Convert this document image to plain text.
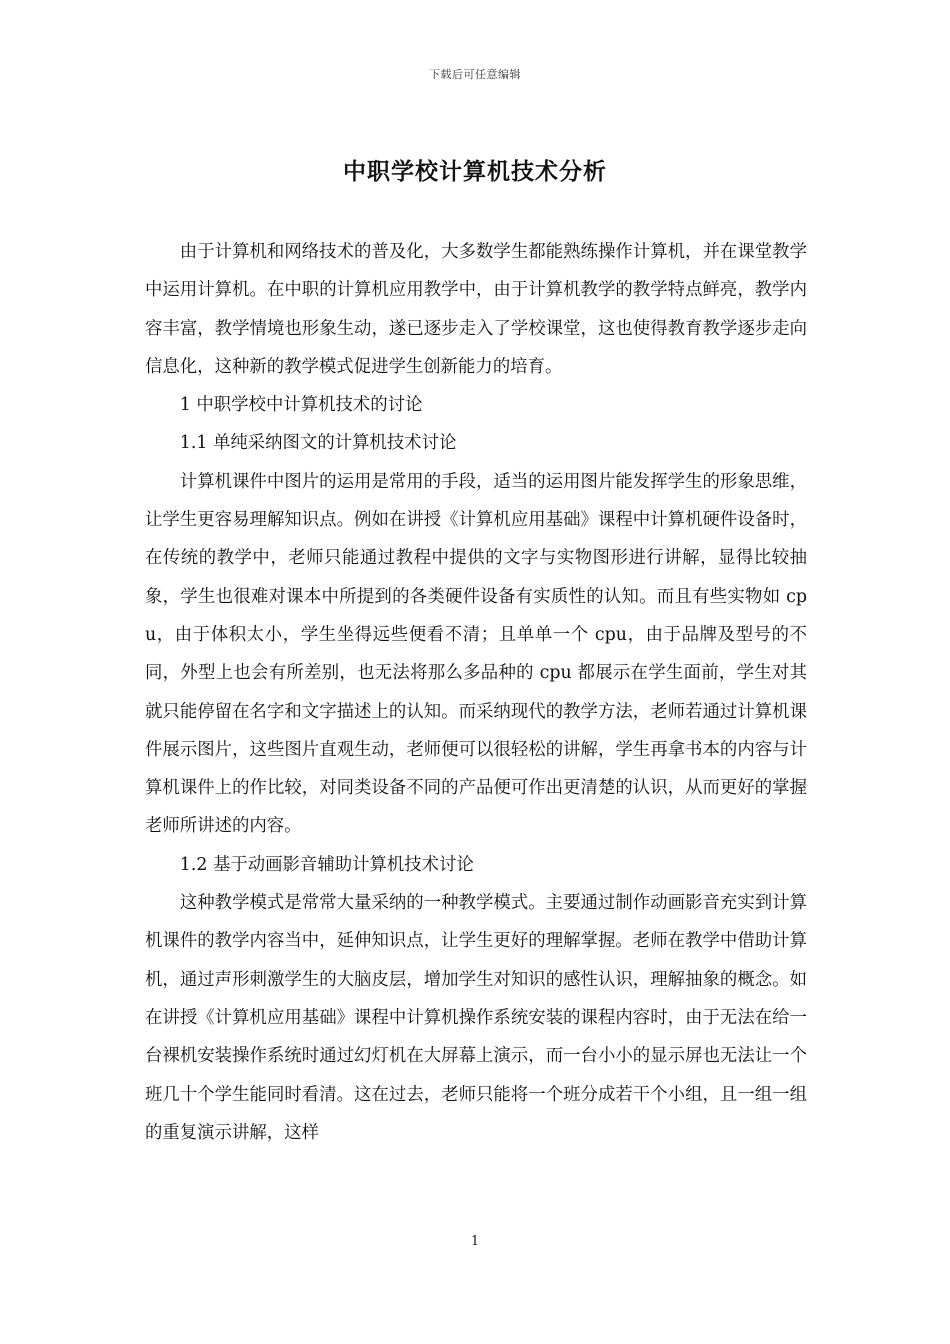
下载后可任意编辑
中职学校计算机技术分析

由于计算机和网络技术的普及化，大多数学生都能熟练操作计算机，并在课堂教学中运用计算机。在中职的计算机应用教学中，由于计算机教学的教学特点鲜亮，教学内容丰富，教学情境也形象生动，遂已逐步走入了学校课堂，这也使得教育教学逐步走向信息化，这种新的教学模式促进学生创新能力的培育。

1 中职学校中计算机技术的讨论

1.1 单纯采纳图文的计算机技术讨论

计算机课件中图片的运用是常用的手段，适当的运用图片能发挥学生的形象思维，让学生更容易理解知识点。例如在讲授《计算机应用基础》课程中计算机硬件设备时，在传统的教学中，老师只能通过教程中提供的文字与实物图形进行讲解，显得比较抽象，学生也很难对课本中所提到的各类硬件设备有实质性的认知。而且有些实物如 cpu，由于体积太小，学生坐得远些便看不清；且单单一个 cpu，由于品牌及型号的不同，外型上也会有所差别，也无法将那么多品种的 cpu 都展示在学生面前，学生对其就只能停留在名字和文字描述上的认知。而采纳现代的教学方法，老师若通过计算机课件展示图片，这些图片直观生动，老师便可以很轻松的讲解，学生再拿书本的内容与计算机课件上的作比较，对同类设备不同的产品便可作出更清楚的认识，从而更好的掌握老师所讲述的内容。

1.2 基于动画影音辅助计算机技术讨论

这种教学模式是常常大量采纳的一种教学模式。主要通过制作动画影音充实到计算机课件的教学内容当中，延伸知识点，让学生更好的理解掌握。老师在教学中借助计算机，通过声形刺激学生的大脑皮层，增加学生对知识的感性认识，理解抽象的概念。如在讲授《计算机应用基础》课程中计算机操作系统安装的课程内容时，由于无法在给一台裸机安装操作系统时通过幻灯机在大屏幕上演示，而一台小小的显示屏也无法让一个班几十个学生能同时看清。这在过去，老师只能将一个班分成若干个小组，且一组一组的重复演示讲解，这样

1
